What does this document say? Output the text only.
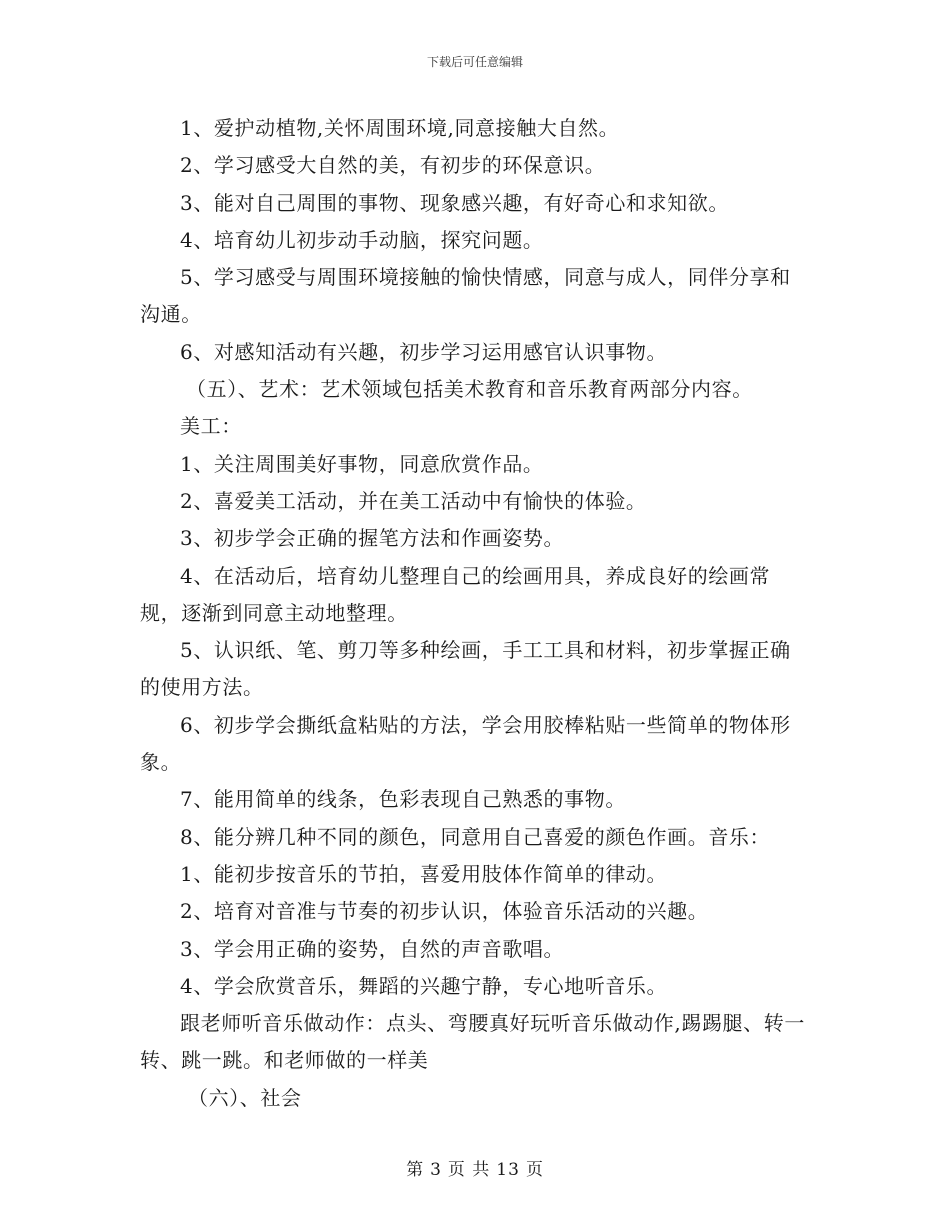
下载后可任意编辑

1、爱护动植物,关怀周围环境,同意接触大自然。

2、学习感受大自然的美，有初步的环保意识。

3、能对自己周围的事物、现象感兴趣，有好奇心和求知欲。

4、培育幼儿初步动手动脑，探究问题。

5、学习感受与周围环境接触的愉快情感，同意与成人，同伴分享和沟通。

6、对感知活动有兴趣，初步学习运用感官认识事物。

（五）、艺术：艺术领域包括美术教育和音乐教育两部分内容。

美工：

1、关注周围美好事物，同意欣赏作品。

2、喜爱美工活动，并在美工活动中有愉快的体验。

3、初步学会正确的握笔方法和作画姿势。

4、在活动后，培育幼儿整理自己的绘画用具，养成良好的绘画常规，逐渐到同意主动地整理。

5、认识纸、笔、剪刀等多种绘画，手工工具和材料，初步掌握正确的使用方法。

6、初步学会撕纸盒粘贴的方法，学会用胶棒粘贴一些简单的物体形象。

7、能用简单的线条，色彩表现自己熟悉的事物。

8、能分辨几种不同的颜色，同意用自己喜爱的颜色作画。音乐：

1、能初步按音乐的节拍，喜爱用肢体作简单的律动。

2、培育对音准与节奏的初步认识，体验音乐活动的兴趣。

3、学会用正确的姿势，自然的声音歌唱。

4、学会欣赏音乐，舞蹈的兴趣宁静，专心地听音乐。

跟老师听音乐做动作：点头、弯腰真好玩听音乐做动作,踢踢腿、转一转、跳一跳。和老师做的一样美

（六）、社会

第 3 页 共 13 页
